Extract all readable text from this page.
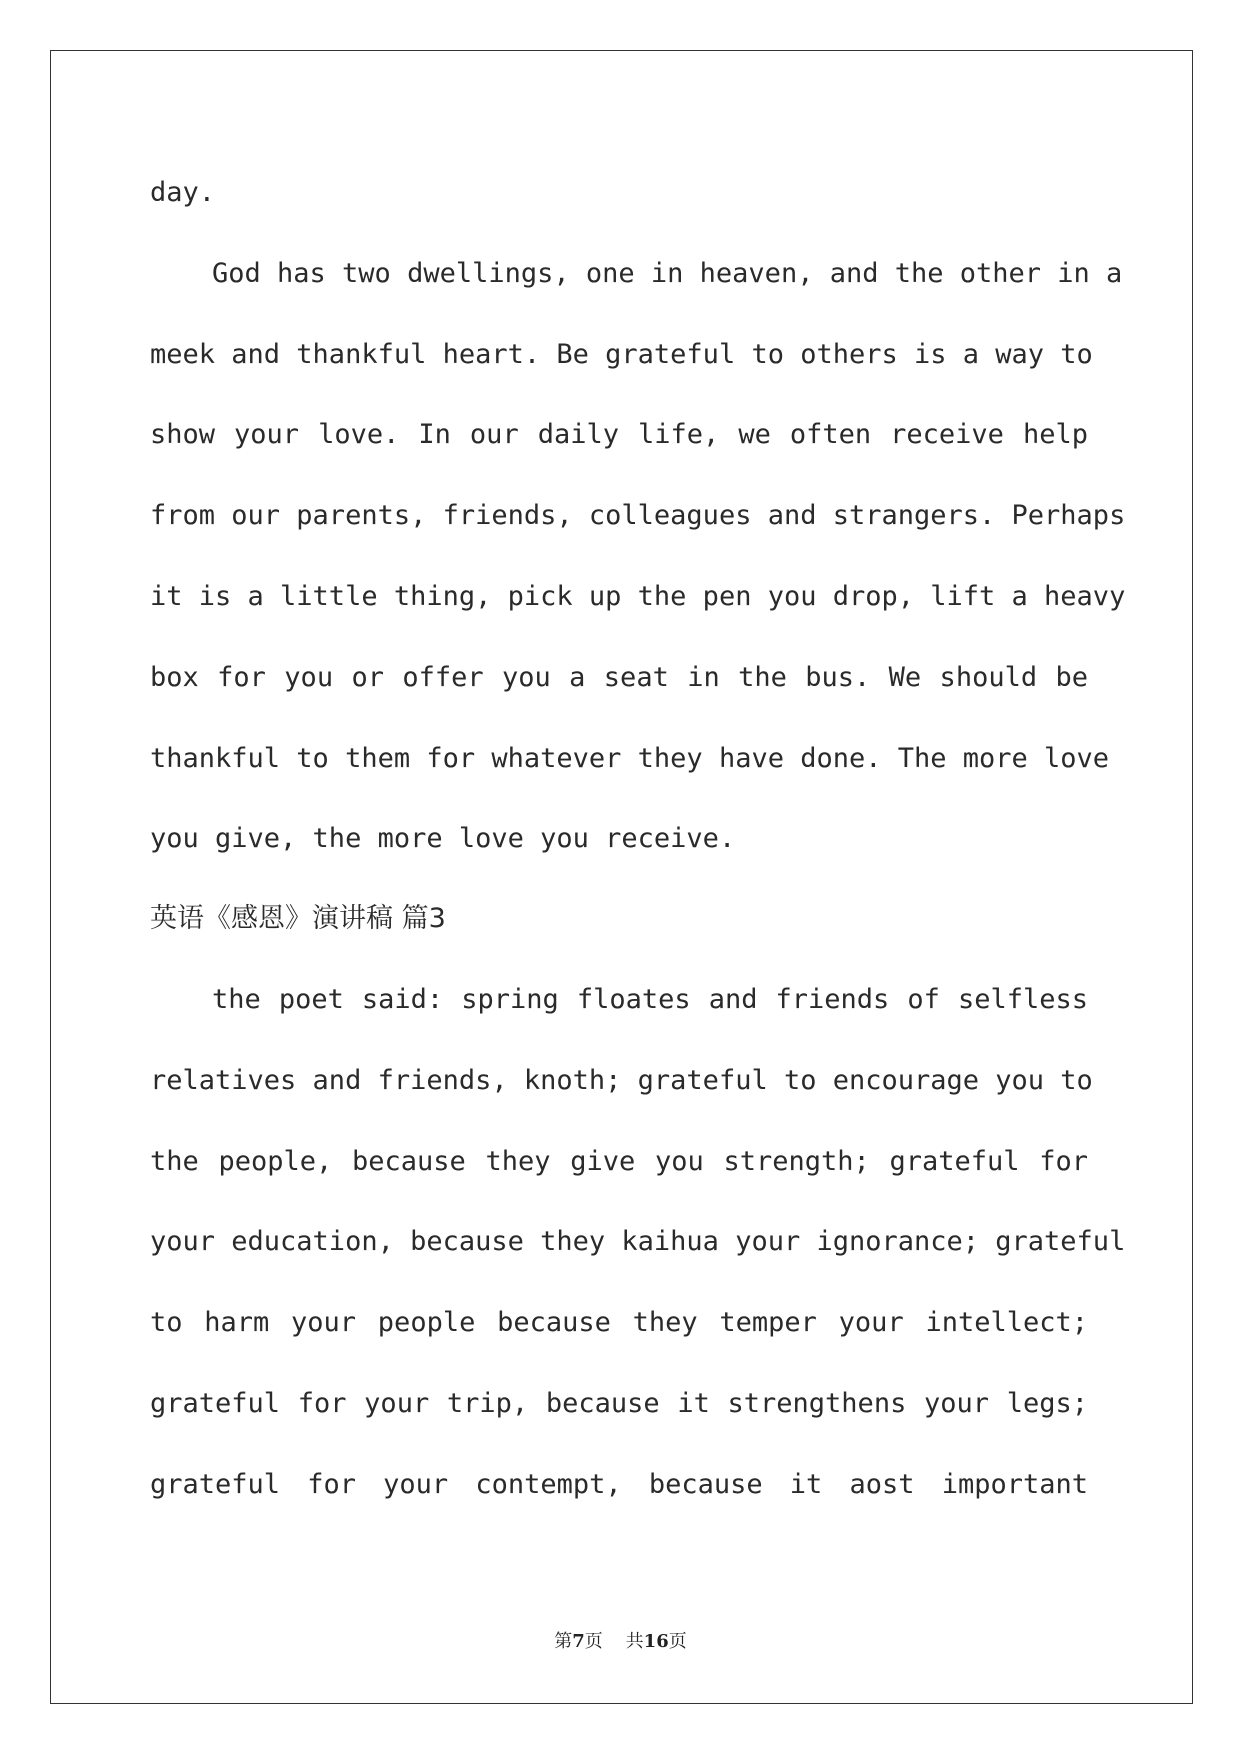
day.
God has two dwellings, one in heaven, and the other in a
meek and thankful heart. Be grateful to others is a way to
show your love. In our daily life, we often receive help
from our parents, friends, colleagues and strangers. Perhaps
it is a little thing, pick up the pen you drop, lift a heavy
box for you or offer you a seat in the bus. We should be
thankful to them for whatever they have done. The more love
you give, the more love you receive.
英语《感恩》演讲稿 篇3
the poet said: spring floates and friends of selfless
relatives and friends, knoth; grateful to encourage you to
the people, because they give you strength; grateful for
your education, because they kaihua your ignorance; grateful
to harm your people because they temper your intellect;
grateful for your trip, because it strengthens your legs;
grateful for your contempt, because it aost important
第7页 共16页
